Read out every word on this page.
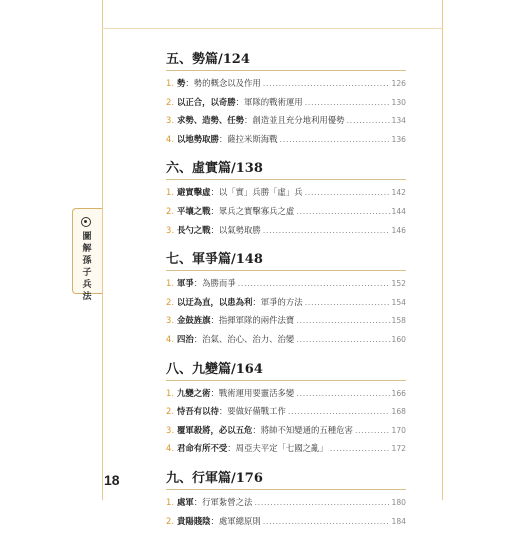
圖
解
孫
子
兵
法
18
五、勢篇/124
1. 勢 ：勢的概念以及作用 .....	126
2. 以正合，以奇勝 ：軍隊的戰術運用 .....	130
3. 求勢、造勢、任勢 ：創造並且充分地利用優勢 .....	134
4. 以地勢取勝 ：薩拉米斯海戰 .....	136
六、虛實篇/138
1. 避實擊虛 ：以「實」兵勝「虛」兵 .....	142
2. 平壤之戰 ：眾兵之實擊寡兵之虛 .....	144
3. 長勺之戰 ：以氣勢取勝 .....	146
七、軍爭篇/148
1. 軍爭 ：為勝而爭 .....	152
2. 以迂為直，以患為利 ：軍爭的方法 .....	154
3. 金鼓旌旗 ：指揮軍隊的兩件法寶 .....	158
4. 四治 ：治氣、治心、治力、治變 .....	160
八、九變篇/164
1. 九變之術 ：戰術運用要靈活多變 .....	166
2. 恃吾有以待 ：要做好備戰工作 .....	168
3. 覆軍殺將，必以五危 ：將帥不知變通的五種危害 .....	170
4. 君命有所不受 ：周亞夫平定「七國之亂」 .....	172
九、行軍篇/176
1. 處軍 ：行軍紮營之法 .....	180
2. 貴陽賤陰 ：處軍總原則 .....	184
